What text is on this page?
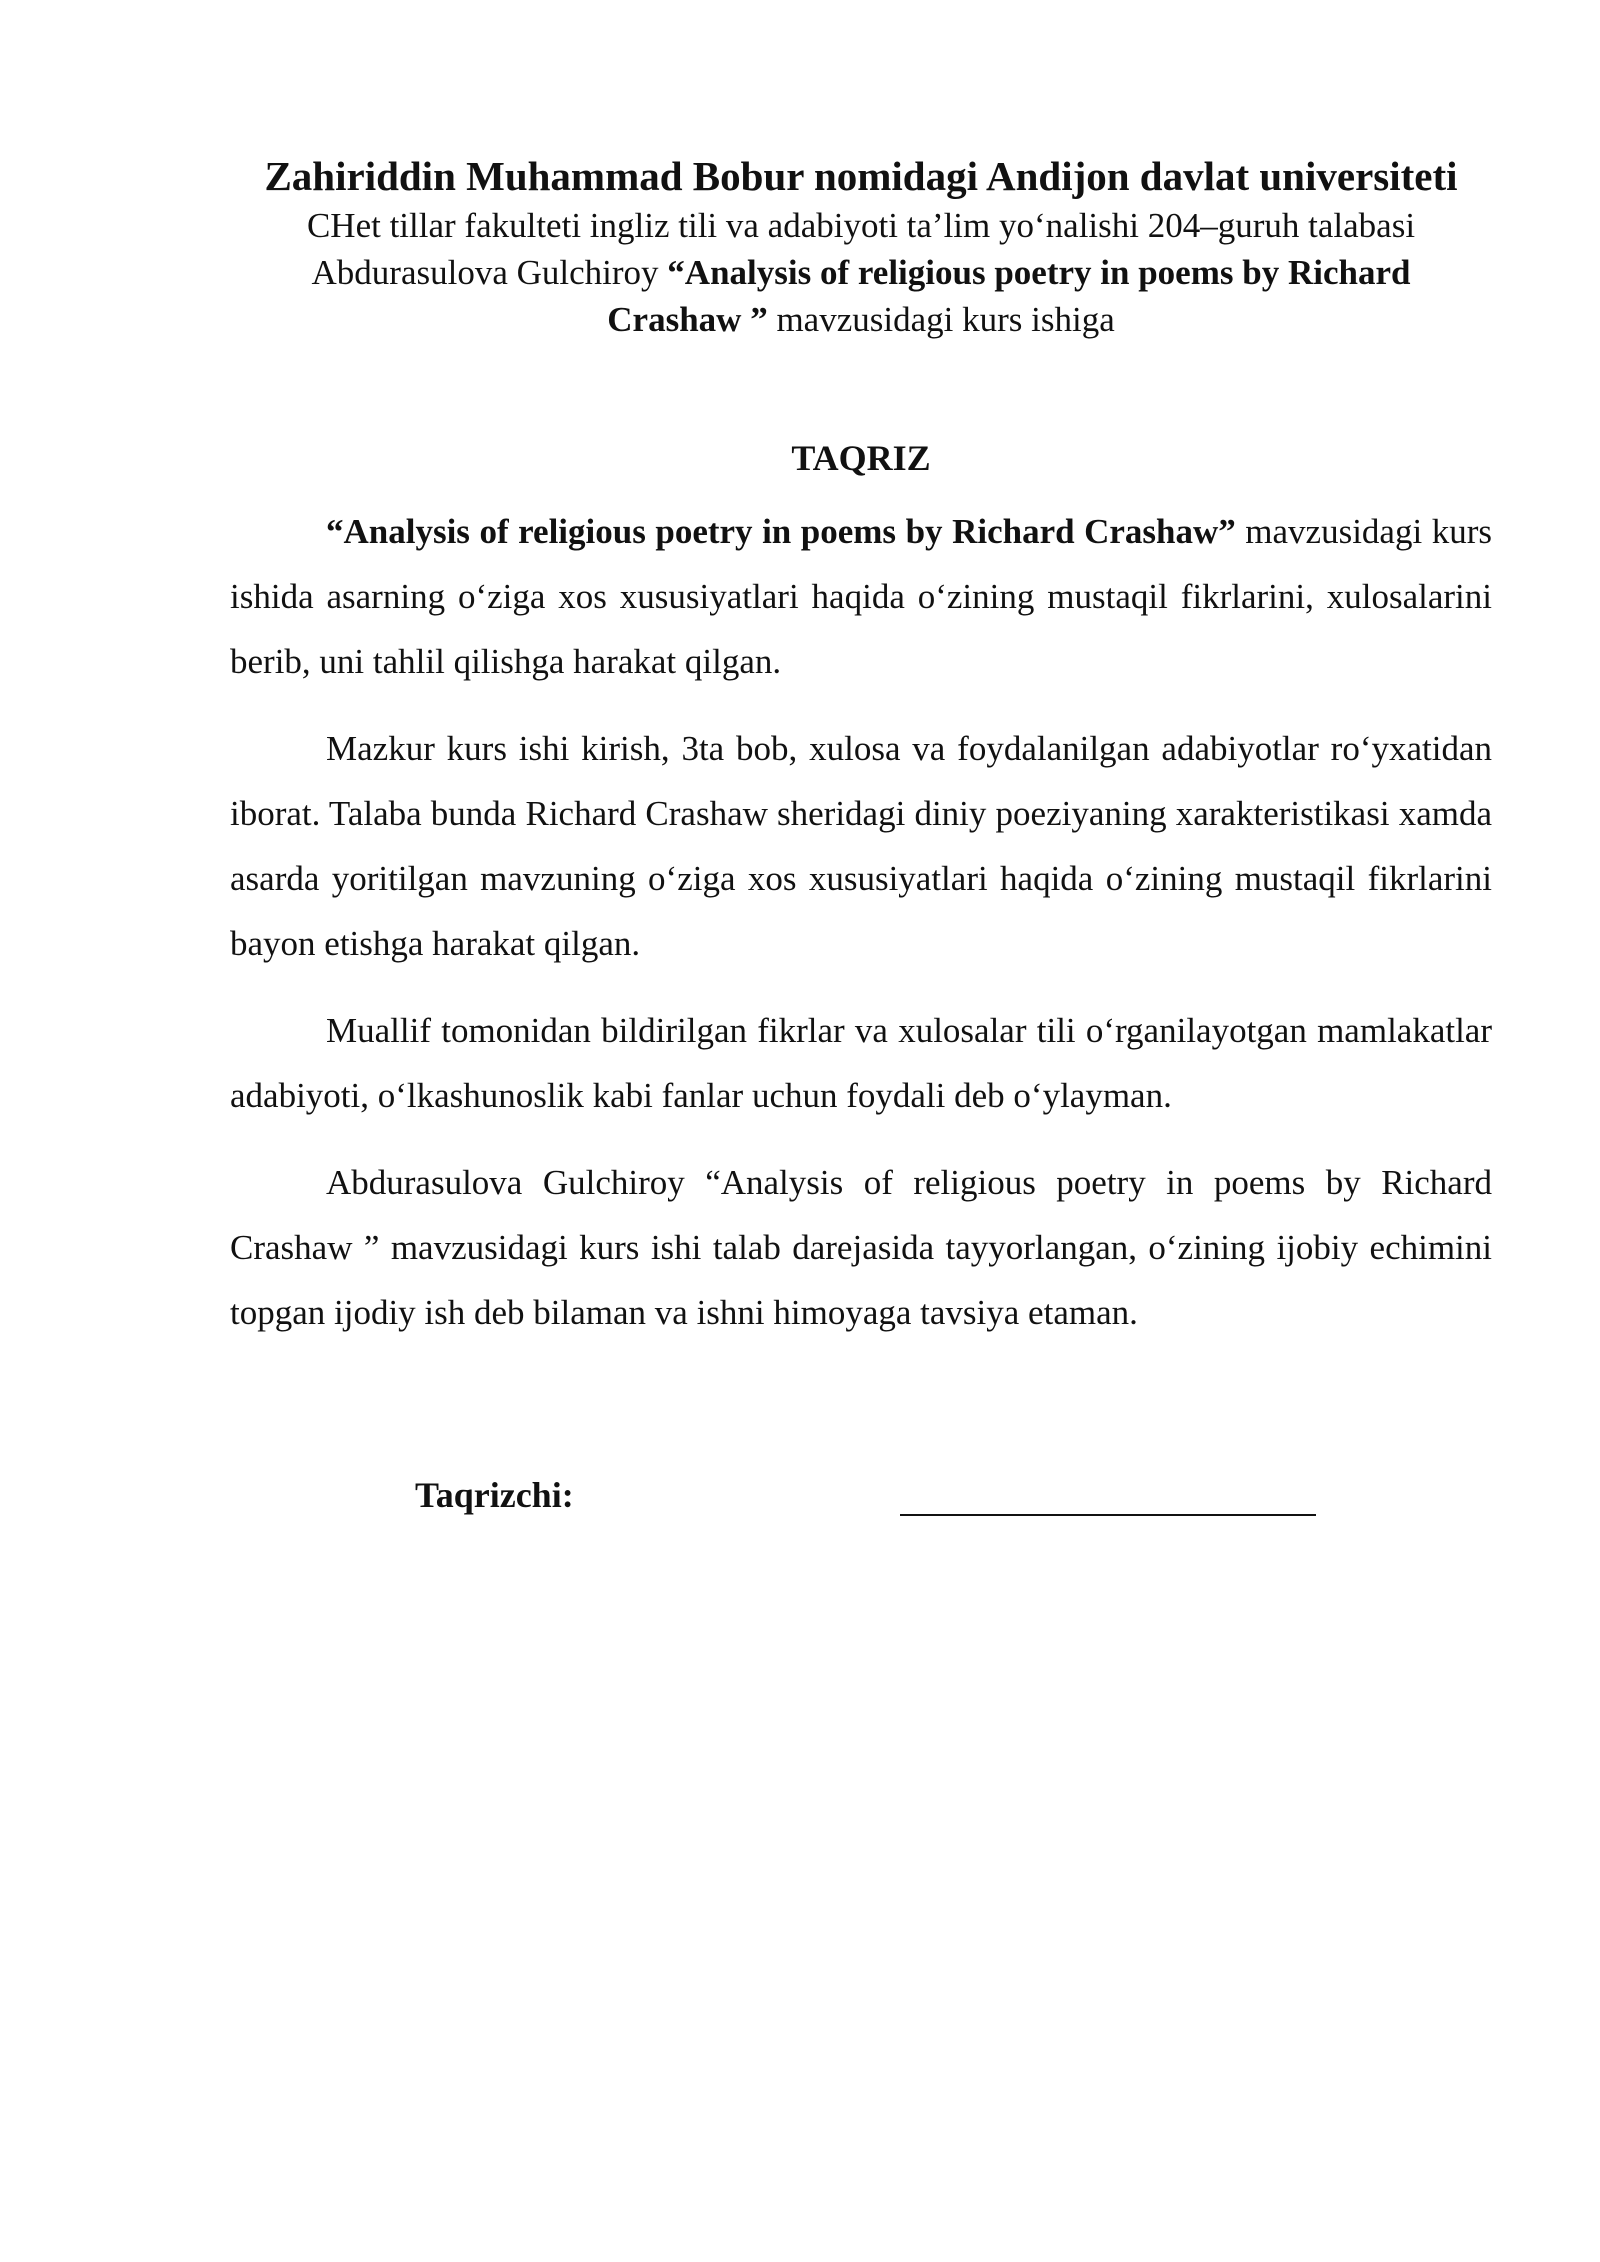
Zahiriddin Muhammad Bobur nomidagi Andijon davlat universiteti

CHet tillar fakulteti ingliz tili va adabiyoti ta’lim yo‘nalishi 204–guruh talabasi
Abdurasulova Gulchiroy “Analysis of religious poetry in poems by Richard Crashaw ” mavzusidagi kurs ishiga

TAQRIZ

“Analysis of religious poetry in poems by Richard Crashaw” mavzusidagi kurs ishida asarning o‘ziga xos xususiyatlari haqida o‘zining mustaqil fikrlarini, xulosalarini berib, uni tahlil qilishga harakat qilgan.

Mazkur kurs ishi kirish, 3ta bob, xulosa va foydalanilgan adabiyotlar ro‘yxatidan iborat. Talaba bunda Richard Crashaw sheridagi diniy poeziyaning xarakteristikasi xamda asarda yoritilgan mavzuning o‘ziga xos xususiyatlari haqida o‘zining mustaqil fikrlarini bayon etishga harakat qilgan.

Muallif tomonidan bildirilgan fikrlar va xulosalar tili o‘rganilayotgan mamlakatlar adabiyoti, o‘lkashunoslik kabi fanlar uchun foydali deb o‘ylayman.

Abdurasulova Gulchiroy “Analysis of religious poetry in poems by Richard Crashaw ” mavzusidagi kurs ishi talab darejasida tayyorlangan, o‘zining ijobiy echimini topgan ijodiy ish deb bilaman va ishni himoyaga tavsiya etaman.

Taqrizchi:
